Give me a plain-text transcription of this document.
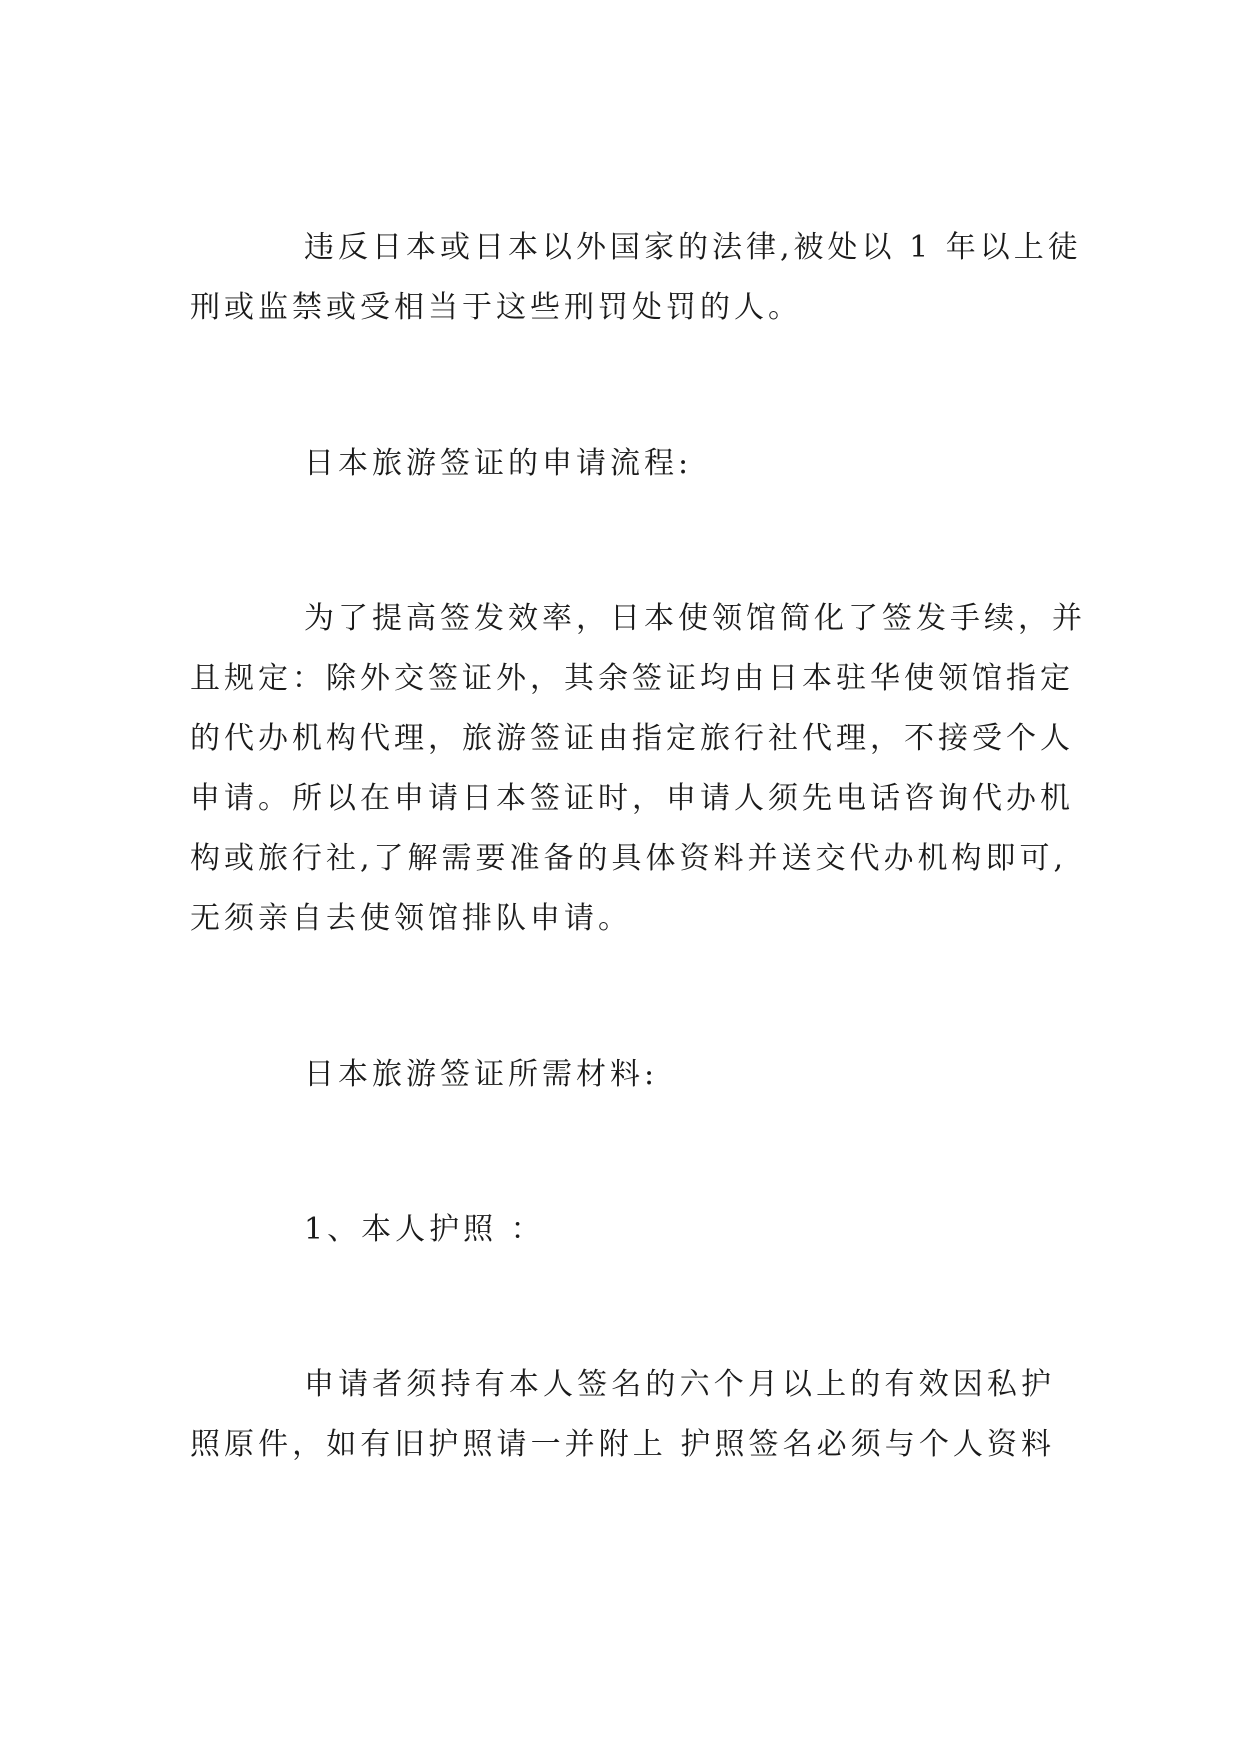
违反日本或日本以外国家的法律,被处以 1 年以上徒
刑或监禁或受相当于这些刑罚处罚的人。
日本旅游签证的申请流程:
为了提高签发效率，日本使领馆简化了签发手续，并
且规定：除外交签证外，其余签证均由日本驻华使领馆指定
的代办机构代理，旅游签证由指定旅行社代理，不接受个人
申请。所以在申请日本签证时，申请人须先电话咨询代办机
构或旅行社,了解需要准备的具体资料并送交代办机构即可,
无须亲自去使领馆排队申请。
日本旅游签证所需材料:
1、本人护照 ：
申请者须持有本人签名的六个月以上的有效因私护
照原件，如有旧护照请一并附上 护照签名必须与个人资料
